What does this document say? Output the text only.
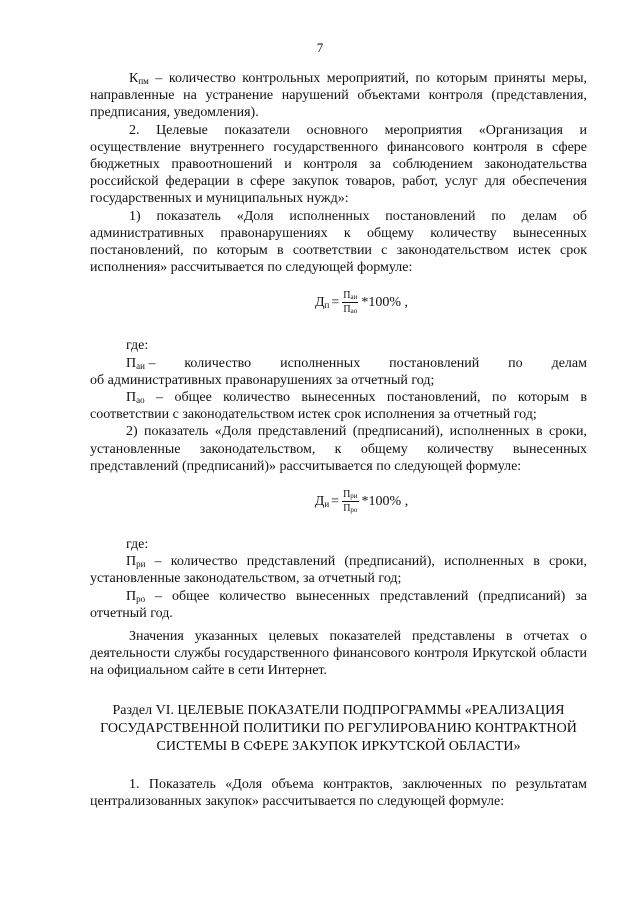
7

$К_{пм}$ – количество контрольных мероприятий, по которым приняты меры, направленные на устранение нарушений объектами контроля (представления, предписания, уведомления).

2. Целевые показатели основного мероприятия «Организация и осуществление внутреннего государственного финансового контроля в сфере бюджетных правоотношений и контроля за соблюдением законодательства российской федерации в сфере закупок товаров, работ, услуг для обеспечения государственных и муниципальных нужд»:

1) показатель «Доля исполненных постановлений по делам об административных правонарушениях к общему количеству вынесенных постановлений, по которым в соответствии с законодательством истек срок исполнения» рассчитывается по следующей формуле:

$Д_п = \frac{П_{аи}}{П_{ао}} *100\%$ ,

где:

$П_{аи}$ – количество исполненных постановлений по делам

об административных правонарушениях за отчетный год;

$П_{ао}$ – общее количество вынесенных постановлений, по которым в соответствии с законодательством истек срок исполнения за отчетный год;

2) показатель «Доля представлений (предписаний), исполненных в сроки, установленные законодательством, к общему количеству вынесенных представлений (предписаний)» рассчитывается по следующей формуле:

$Д_и = \frac{П_{ри}}{П_{ро}} *100\%$ ,

где:

$П_{ри}$ – количество представлений (предписаний), исполненных в сроки, установленные законодательством, за отчетный год;

$П_{ро}$ – общее количество вынесенных представлений (предписаний) за отчетный год.

Значения указанных целевых показателей представлены в отчетах о деятельности службы государственного финансового контроля Иркутской области на официальном сайте в сети Интернет.

Раздел VI. ЦЕЛЕВЫЕ ПОКАЗАТЕЛИ ПОДПРОГРАММЫ «РЕАЛИЗАЦИЯ ГОСУДАРСТВЕННОЙ ПОЛИТИКИ ПО РЕГУЛИРОВАНИЮ КОНТРАКТНОЙ СИСТЕМЫ В СФЕРЕ ЗАКУПОК ИРКУТСКОЙ ОБЛАСТИ»

1. Показатель «Доля объема контрактов, заключенных по результатам централизованных закупок» рассчитывается по следующей формуле:
